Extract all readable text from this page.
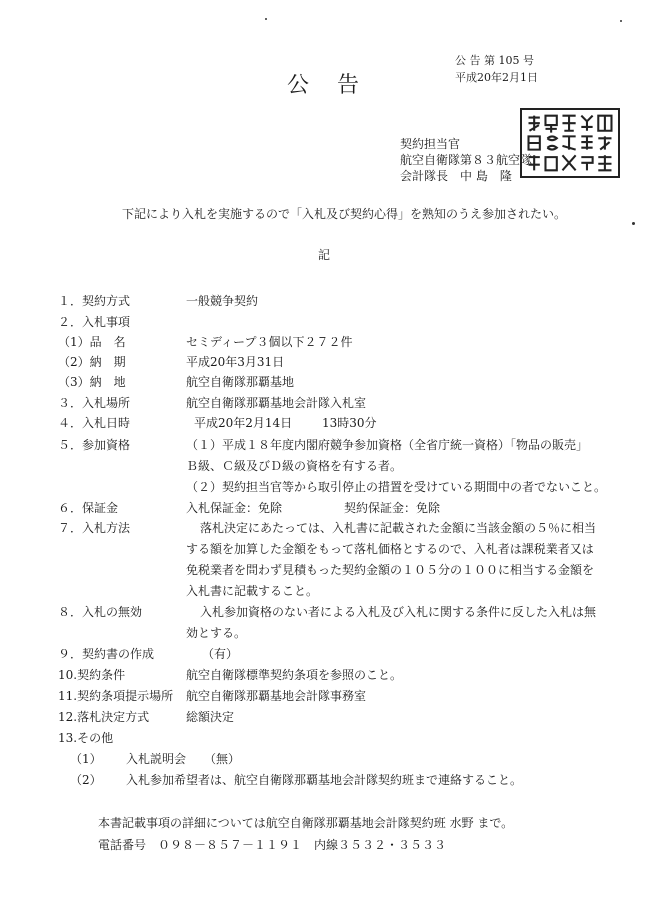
公 告 第 105 号
平成20年2月1日
公告
契約担当官
航空自衛隊第８３航空隊
会計隊長　中 島　隆
下記により入札を実施するので「入札及び契約心得」を熟知のうえ参加されたい。
記
１．契約方式	一般競争契約
２．入札事項
（1）品　名	セミディープ３個以下２７２件
（2）納　期	平成20年3月31日
（3）納　地	航空自衛隊那覇基地
３．入札場所	航空自衛隊那覇基地会計隊入札室
４．入札日時	平成20年2月14日 13時30分
５．参加資格	（１）平成１８年度内閣府競争参加資格（全省庁統一資格）「物品の販売」
Ｂ級、Ｃ級及びＤ級の資格を有する者。
（２）契約担当官等から取引停止の措置を受けている期間中の者でないこと。
６．保証金	入札保証金：免除	契約保証金：免除
７．入札方法	落札決定にあたっては、入札書に記載された金額に当該金額の５％に相当
する額を加算した金額をもって落札価格とするので、入札者は課税業者又は
免税業者を問わず見積もった契約金額の１０５分の１００に相当する金額を
入札書に記載すること。
８．入札の無効	入札参加資格のない者による入札及び入札に関する条件に反した入札は無
効とする。
９．契約書の作成	（有）
10.契約条件	航空自衛隊標準契約条項を参照のこと。
11.契約条項提示場所 航空自衛隊那覇基地会計隊事務室
12.落札決定方式	総額決定
13.その他
（1） 入札説明会　　（無）
（2） 入札参加希望者は、航空自衛隊那覇基地会計隊契約班まで連絡すること。
本書記載事項の詳細については航空自衛隊那覇基地会計隊契約班 水野 まで。
電話番号　０９８－８５７－１１９１　内線３５３２・３５３３
